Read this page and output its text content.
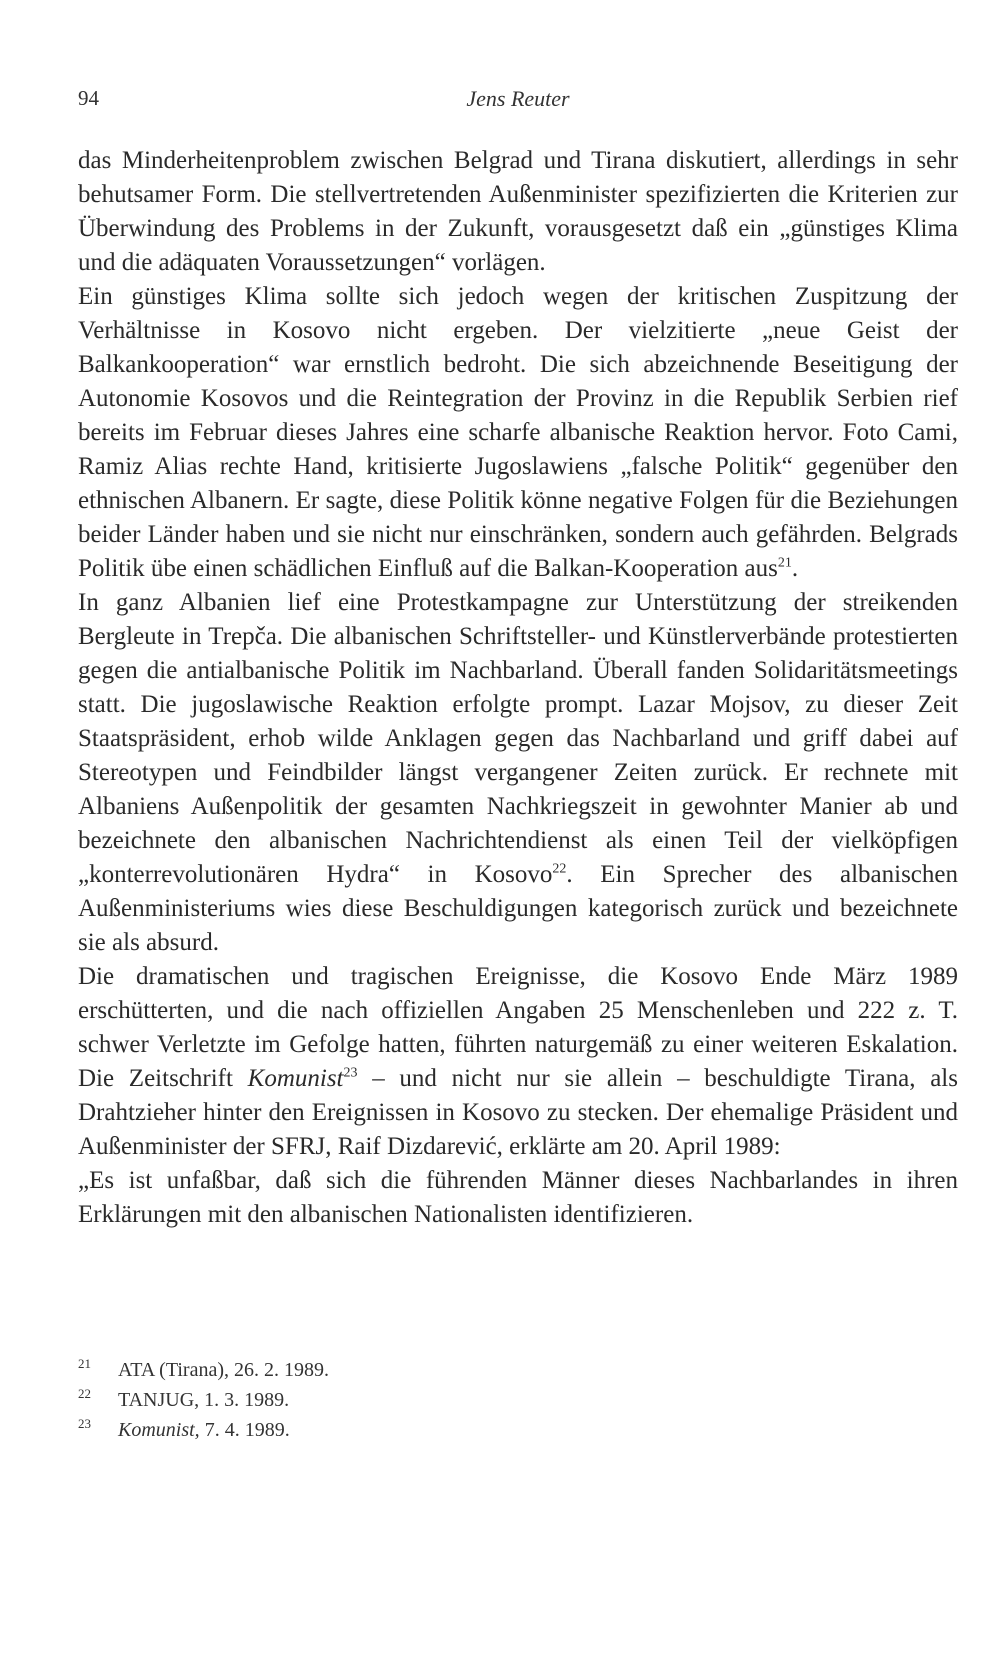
94	Jens Reuter

das Minderheitenproblem zwischen Belgrad und Tirana diskutiert, allerdings in sehr behutsamer Form. Die stellvertretenden Außenminister spezifizierten die Kriterien zur Überwindung des Problems in der Zukunft, vorausgesetzt daß ein „günstiges Klima und die adäquaten Voraussetzungen“ vorlägen.

Ein günstiges Klima sollte sich jedoch wegen der kritischen Zuspitzung der Verhältnisse in Kosovo nicht ergeben. Der vielzitierte „neue Geist der Balkankooperation“ war ernstlich bedroht. Die sich abzeichnende Beseitigung der Autonomie Kosovos und die Reintegration der Provinz in die Republik Serbien rief bereits im Februar dieses Jahres eine scharfe albanische Reaktion hervor. Foto Cami, Ramiz Alias rechte Hand, kritisierte Jugoslawiens „falsche Politik“ gegenüber den ethnischen Albanern. Er sagte, diese Politik könne negative Folgen für die Beziehungen beider Länder haben und sie nicht nur einschränken, sondern auch gefährden. Belgrads Politik übe einen schädlichen Einfluß auf die Balkan-Kooperation aus$^{21}$.

In ganz Albanien lief eine Protestkampagne zur Unterstützung der streikenden Bergleute in Trepča. Die albanischen Schriftsteller- und Künstlerverbände protestierten gegen die antialbanische Politik im Nachbarland. Überall fanden Solidaritätsmeetings statt. Die jugoslawische Reaktion erfolgte prompt. Lazar Mojsov, zu dieser Zeit Staatspräsident, erhob wilde Anklagen gegen das Nachbarland und griff dabei auf Stereotypen und Feindbilder längst vergangener Zeiten zurück. Er rechnete mit Albaniens Außenpolitik der gesamten Nachkriegszeit in gewohnter Manier ab und bezeichnete den albanischen Nachrichtendienst als einen Teil der vielköpfigen „konterrevolutionären Hydra“ in Kosovo$^{22}$. Ein Sprecher des albanischen Außenministeriums wies diese Beschuldigungen kategorisch zurück und bezeichnete sie als absurd.

Die dramatischen und tragischen Ereignisse, die Kosovo Ende März 1989 erschütterten, und die nach offiziellen Angaben 25 Menschenleben und 222 z. T. schwer Verletzte im Gefolge hatten, führten naturgemäß zu einer weiteren Eskalation. Die Zeitschrift Komunist$^{23}$ – und nicht nur sie allein – beschuldigte Tirana, als Drahtzieher hinter den Ereignissen in Kosovo zu stecken. Der ehemalige Präsident und Außenminister der SFRJ, Raif Dizdarević, erklärte am 20. April 1989:

„Es ist unfaßbar, daß sich die führenden Männer dieses Nachbarlandes in ihren Erklärungen mit den albanischen Nationalisten identifizieren.

21	ATA (Tirana), 26. 2. 1989.
22	TANJUG, 1. 3. 1989.
23	Komunist, 7. 4. 1989.
